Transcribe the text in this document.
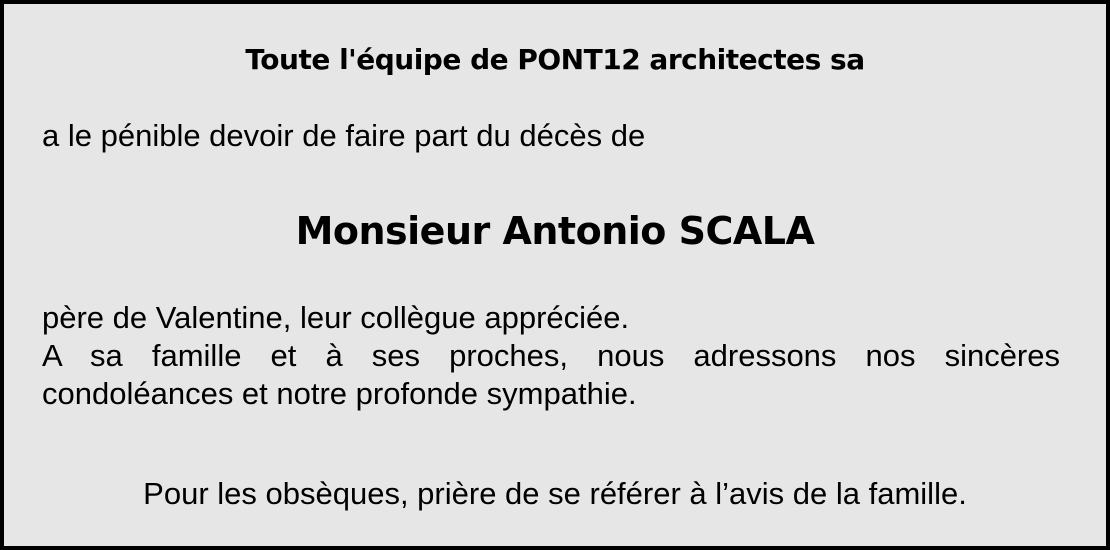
Toute l'équipe de PONT12 architectes sa
a le pénible devoir de faire part du décès de
Monsieur Antonio SCALA
père de Valentine, leur collègue appréciée.
A sa famille et à ses proches, nous adressons nos sincères
condoléances et notre profonde sympathie.
Pour les obsèques, prière de se référer à l’avis de la famille.
